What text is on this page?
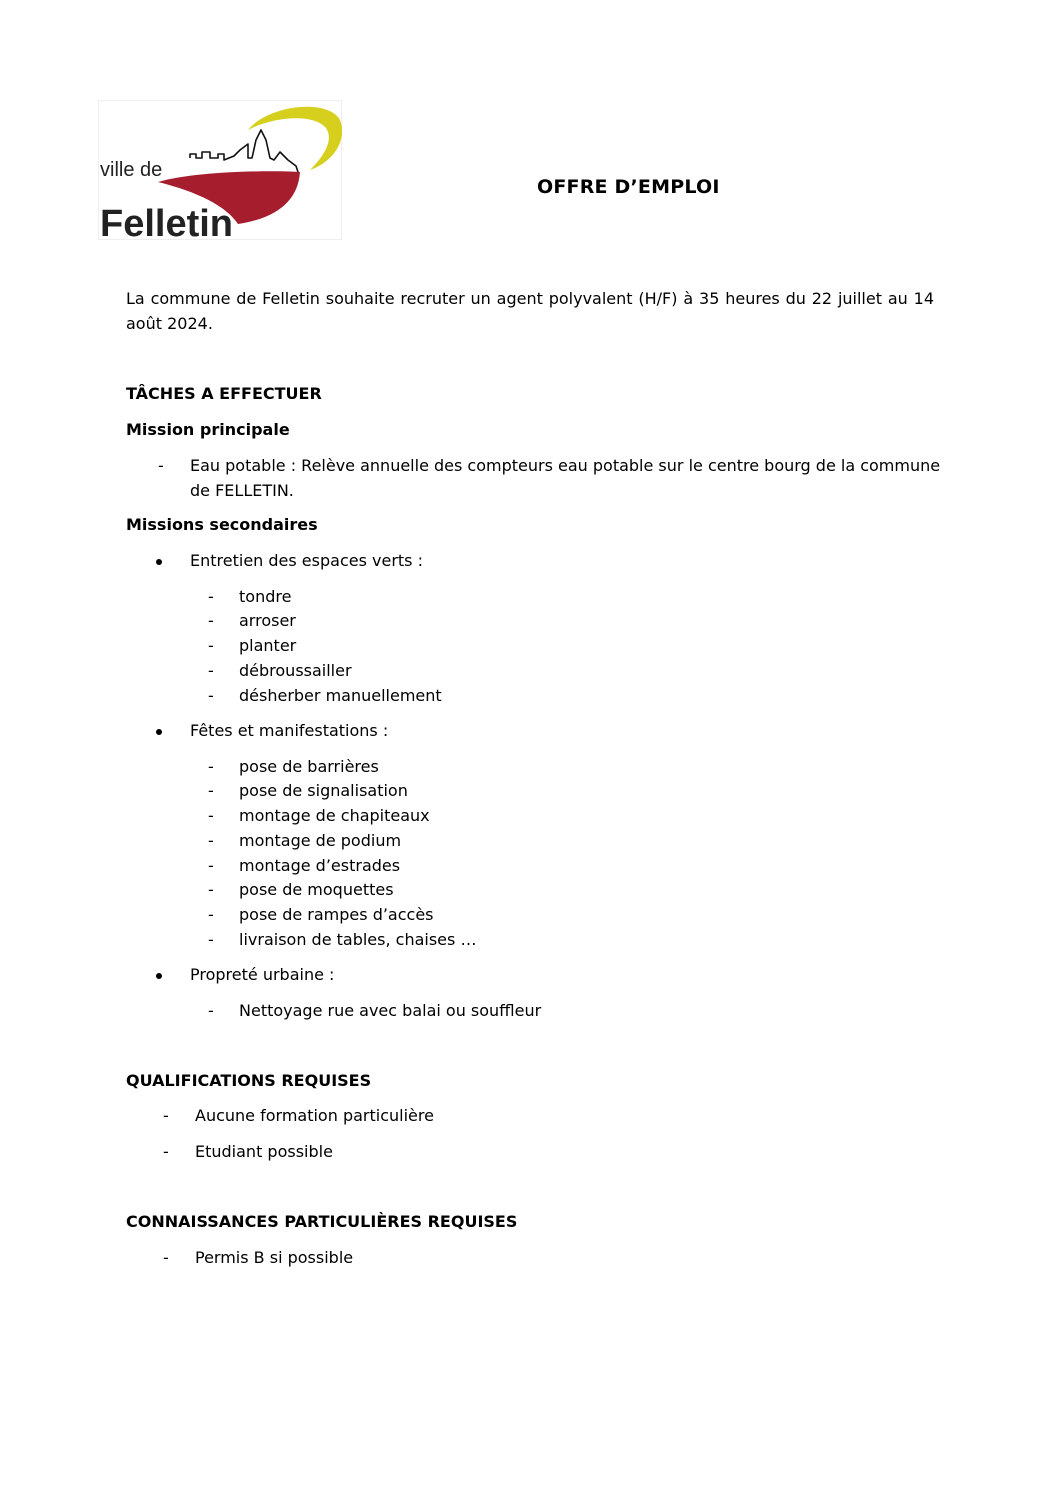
ville de
Felletin
OFFRE D’EMPLOI
La commune de Felletin souhaite recruter un agent polyvalent (H/F) à 35 heures du 22 juillet au 14 août 2024.
TÂCHES A EFFECTUER
Mission principale
- Eau potable : Relève annuelle des compteurs eau potable sur le centre bourg de la commune
de FELLETIN.
Missions secondaires
Entretien des espaces verts :
- tondre
- arroser
- planter
- débroussailler
- désherber manuellement
Fêtes et manifestations :
- pose de barrières
- pose de signalisation
- montage de chapiteaux
- montage de podium
- montage d’estrades
- pose de moquettes
- pose de rampes d’accès
- livraison de tables, chaises …
Propreté urbaine :
- Nettoyage rue avec balai ou souffleur
QUALIFICATIONS REQUISES
- Aucune formation particulière
- Etudiant possible
CONNAISSANCES PARTICULIÈRES REQUISES
- Permis B si possible
